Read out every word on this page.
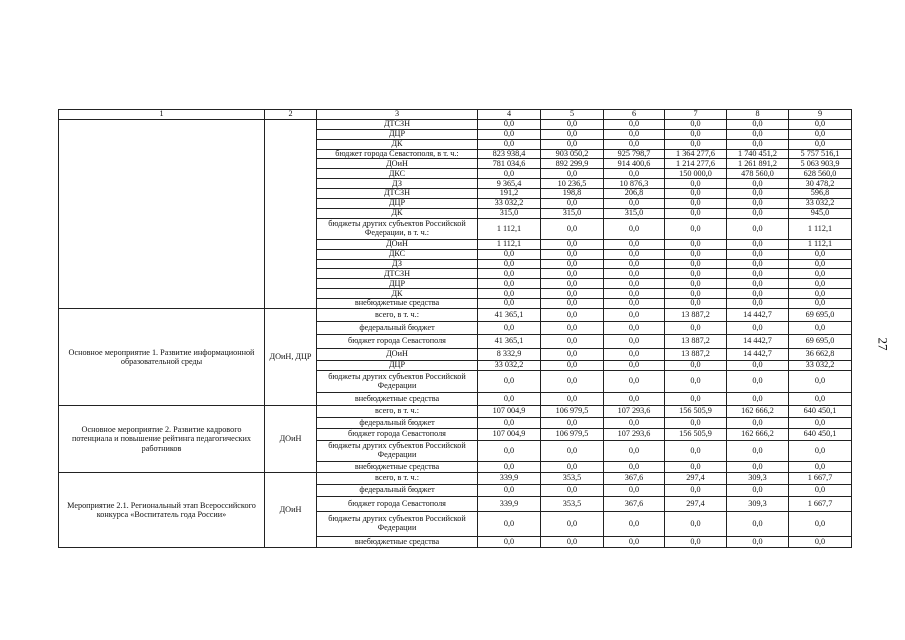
1	2	3	4	5	6	7	8	9
		ДТСЗН	0,0	0,0	0,0	0,0	0,0	0,0
		ДЦР	0,0	0,0	0,0	0,0	0,0	0,0
		ДК	0,0	0,0	0,0	0,0	0,0	0,0
		бюджет города Севастополя, в т. ч.:	823 938,4	903 050,2	925 798,7	1 364 277,6	1 740 451,2	5 757 516,1
		ДОиН	781 034,6	892 299,9	914 400,6	1 214 277,6	1 261 891,2	5 063 903,9
		ДКС	0,0	0,0	0,0	150 000,0	478 560,0	628 560,0
		ДЗ	9 365,4	10 236,5	10 876,3	0,0	0,0	30 478,2
		ДТСЗН	191,2	198,8	206,8	0,0	0,0	596,8
		ДЦР	33 032,2	0,0	0,0	0,0	0,0	33 032,2
		ДК	315,0	315,0	315,0	0,0	0,0	945,0
		бюджеты других субъектов Российской Федерации, в т. ч.:	1 112,1	0,0	0,0	0,0	0,0	1 112,1
		ДОиН	1 112,1	0,0	0,0	0,0	0,0	1 112,1
		ДКС	0,0	0,0	0,0	0,0	0,0	0,0
		ДЗ	0,0	0,0	0,0	0,0	0,0	0,0
		ДТСЗН	0,0	0,0	0,0	0,0	0,0	0,0
		ДЦР	0,0	0,0	0,0	0,0	0,0	0,0
		ДК	0,0	0,0	0,0	0,0	0,0	0,0
		внебюджетные средства	0,0	0,0	0,0	0,0	0,0	0,0
Основное мероприятие 1. Развитие информационной образовательной среды	ДОиН, ДЦР	всего, в т. ч.:	41 365,1	0,0	0,0	13 887,2	14 442,7	69 695,0
		федеральный бюджет	0,0	0,0	0,0	0,0	0,0	0,0
		бюджет города Севастополя	41 365,1	0,0	0,0	13 887,2	14 442,7	69 695,0
		ДОиН	8 332,9	0,0	0,0	13 887,2	14 442,7	36 662,8
		ДЦР	33 032,2	0,0	0,0	0,0	0,0	33 032,2
		бюджеты других субъектов Российской Федерации	0,0	0,0	0,0	0,0	0,0	0,0
		внебюджетные средства	0,0	0,0	0,0	0,0	0,0	0,0
Основное мероприятие 2. Развитие кадрового потенциала и повышение рейтинга педагогических работников	ДОиН	всего, в т. ч.:	107 004,9	106 979,5	107 293,6	156 505,9	162 666,2	640 450,1
		федеральный бюджет	0,0	0,0	0,0	0,0	0,0	0,0
		бюджет города Севастополя	107 004,9	106 979,5	107 293,6	156 505,9	162 666,2	640 450,1
		бюджеты других субъектов Российской Федерации	0,0	0,0	0,0	0,0	0,0	0,0
		внебюджетные средства	0,0	0,0	0,0	0,0	0,0	0,0
Мероприятие 2.1. Региональный этап Всероссийского конкурса «Воспитатель года России»	ДОиН	всего, в т. ч.:	339,9	353,5	367,6	297,4	309,3	1 667,7
		федеральный бюджет	0,0	0,0	0,0	0,0	0,0	0,0
		бюджет города Севастополя	339,9	353,5	367,6	297,4	309,3	1 667,7
		бюджеты других субъектов Российской Федерации	0,0	0,0	0,0	0,0	0,0	0,0
		внебюджетные средства	0,0	0,0	0,0	0,0	0,0	0,0
27
